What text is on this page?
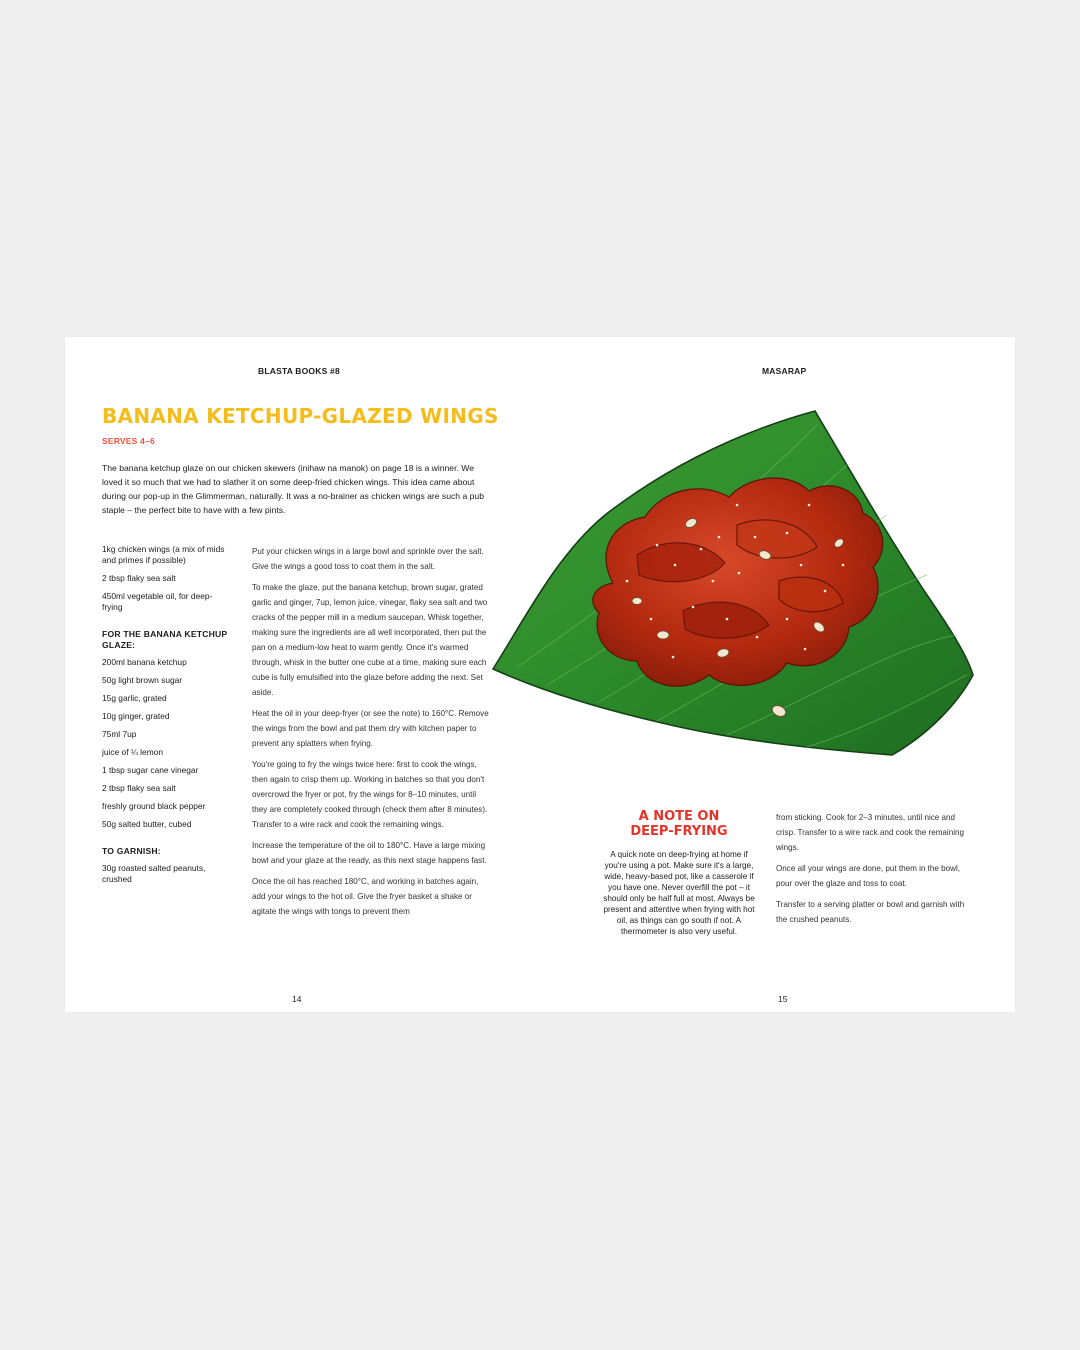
BLASTA BOOKS #8	MASARAP
BANANA KETCHUP-GLAZED WINGS
SERVES 4–6
The banana ketchup glaze on our chicken skewers (inihaw na manok) on page 18 is a winner. We loved it so much that we had to slather it on some deep-fried chicken wings. This idea came about during our pop-up in the Glimmerman, naturally. It was a no-brainer as chicken wings are such a pub staple – the perfect bite to have with a few pints.
1kg chicken wings (a mix of mids and primes if possible)
2 tbsp flaky sea salt
450ml vegetable oil, for deep-frying
FOR THE BANANA KETCHUP GLAZE:
200ml banana ketchup
50g light brown sugar
15g garlic, grated
10g ginger, grated
75ml 7up
juice of ¼ lemon
1 tbsp sugar cane vinegar
2 tbsp flaky sea salt
freshly ground black pepper
50g salted butter, cubed
TO GARNISH:
30g roasted salted peanuts, crushed

Put your chicken wings in a large bowl and sprinkle over the salt. Give the wings a good toss to coat them in the salt.

To make the glaze, put the banana ketchup, brown sugar, grated garlic and ginger, 7up, lemon juice, vinegar, flaky sea salt and two cracks of the pepper mill in a medium saucepan. Whisk together, making sure the ingredients are all well incorporated, then put the pan on a medium-low heat to warm gently. Once it's warmed through, whisk in the butter one cube at a time, making sure each cube is fully emulsified into the glaze before adding the next. Set aside.

Heat the oil in your deep-fryer (or see the note) to 160°C. Remove the wings from the bowl and pat them dry with kitchen paper to prevent any splatters when frying.

You're going to fry the wings twice here: first to cook the wings, then again to crisp them up. Working in batches so that you don't overcrowd the fryer or pot, fry the wings for 8–10 minutes, until they are completely cooked through (check them after 8 minutes). Transfer to a wire rack and cook the remaining wings.

Increase the temperature of the oil to 180°C. Have a large mixing bowl and your glaze at the ready, as this next stage happens fast.

Once the oil has reached 180°C, and working in batches again, add your wings to the hot oil. Give the fryer basket a shake or agitate the wings with tongs to prevent them

A NOTE ON
DEEP-FRYING
A quick note on deep-frying at home if you're using a pot. Make sure it's a large, wide, heavy-based pot, like a casserole if you have one. Never overfill the pot – it should only be half full at most. Always be present and attentive when frying with hot oil, as things can go south if not. A thermometer is also very useful.

from sticking. Cook for 2–3 minutes, until nice and crisp. Transfer to a wire rack and cook the remaining wings.

Once all your wings are done, put them in the bowl, pour over the glaze and toss to coat.

Transfer to a serving platter or bowl and garnish with the crushed peanuts.

14	15
